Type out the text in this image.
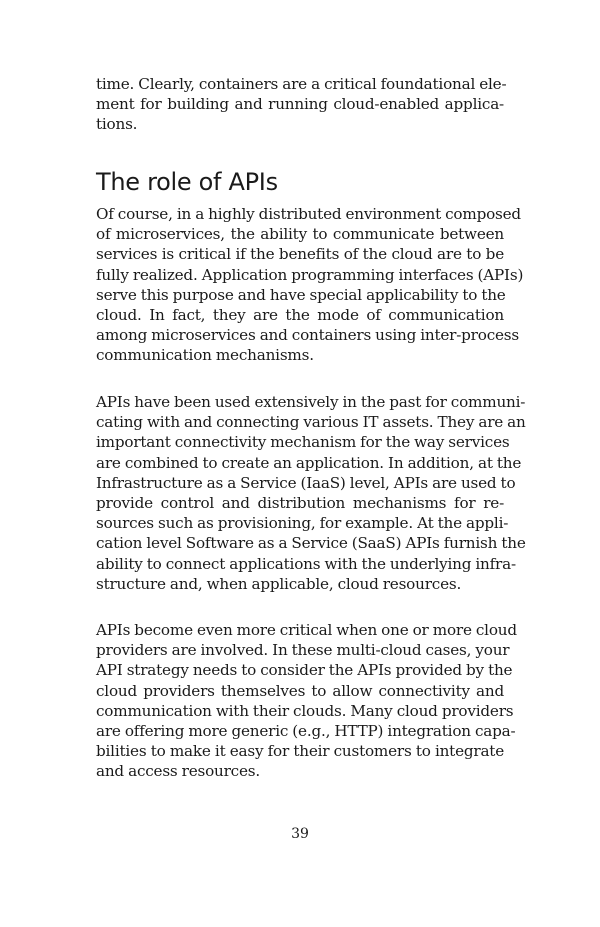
time. Clearly, containers are a critical foundational ele-
ment for building and running cloud-enabled applica-
tions.
The role of APIs
Of course, in a highly distributed environment composed
of microservices, the ability to communicate between
services is critical if the benefits of the cloud are to be
fully realized. Application programming interfaces (APIs)
serve this purpose and have special applicability to the
cloud. In fact, they are the mode of communication
among microservices and containers using inter-process
communication mechanisms.
APIs have been used extensively in the past for communi-
cating with and connecting various IT assets. They are an
important connectivity mechanism for the way services
are combined to create an application. In addition, at the
Infrastructure as a Service (IaaS) level, APIs are used to
provide control and distribution mechanisms for re-
sources such as provisioning, for example. At the appli-
cation level Software as a Service (SaaS) APIs furnish the
ability to connect applications with the underlying infra-
structure and, when applicable, cloud resources.
APIs become even more critical when one or more cloud
providers are involved. In these multi-cloud cases, your
API strategy needs to consider the APIs provided by the
cloud providers themselves to allow connectivity and
communication with their clouds. Many cloud providers
are offering more generic (e.g., HTTP) integration capa-
bilities to make it easy for their customers to integrate
and access resources.
39
